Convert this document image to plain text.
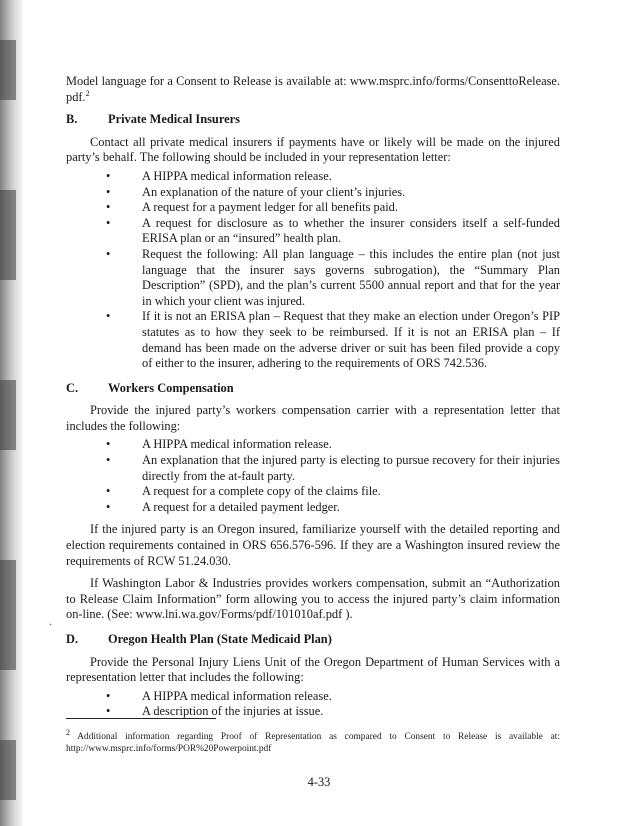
Model language for a Consent to Release is available at: www.msprc.info/forms/ConsenttoRelease. pdf.$^2$

B.	Private Medical Insurers

Contact all private medical insurers if payments have or likely will be made on the injured party’s behalf. The following should be included in your representation letter:

• A HIPPA medical information release.
• An explanation of the nature of your client’s injuries.
• A request for a payment ledger for all benefits paid.
• A request for disclosure as to whether the insurer considers itself a self-funded ERISA plan or an “insured” health plan.
• Request the following: All plan language – this includes the entire plan (not just language that the insurer says governs subrogation), the “Summary Plan Description” (SPD), and the plan’s current 5500 annual report and that for the year in which your client was injured.
• If it is not an ERISA plan – Request that they make an election under Oregon’s PIP statutes as to how they seek to be reimbursed. If it is not an ERISA plan – If demand has been made on the adverse driver or suit has been filed provide a copy of either to the insurer, adhering to the requirements of ORS 742.536.
C.	Workers Compensation

Provide the injured party’s workers compensation carrier with a representation letter that includes the following:

• A HIPPA medical information release.
• An explanation that the injured party is electing to pursue recovery for their injuries directly from the at-fault party.
• A request for a complete copy of the claims file.
• A request for a detailed payment ledger.

If the injured party is an Oregon insured, familiarize yourself with the detailed reporting and election requirements contained in ORS 656.576-596. If they are a Washington insured review the requirements of RCW 51.24.030.

If Washington Labor & Industries provides workers compensation, submit an “Authorization to Release Claim Information” form allowing you to access the injured party’s claim information on-line. (See: www.lni.wa.gov/Forms/pdf/101010af.pdf ).

D.	Oregon Health Plan (State Medicaid Plan)

Provide the Personal Injury Liens Unit of the Oregon Department of Human Services with a representation letter that includes the following:

• A HIPPA medical information release.
• A description of the injuries at issue.
.

$^2$ Additional information regarding Proof of Representation as compared to Consent to Release is available at: http://www.msprc.info/forms/POR%20Powerpoint.pdf

4-33
